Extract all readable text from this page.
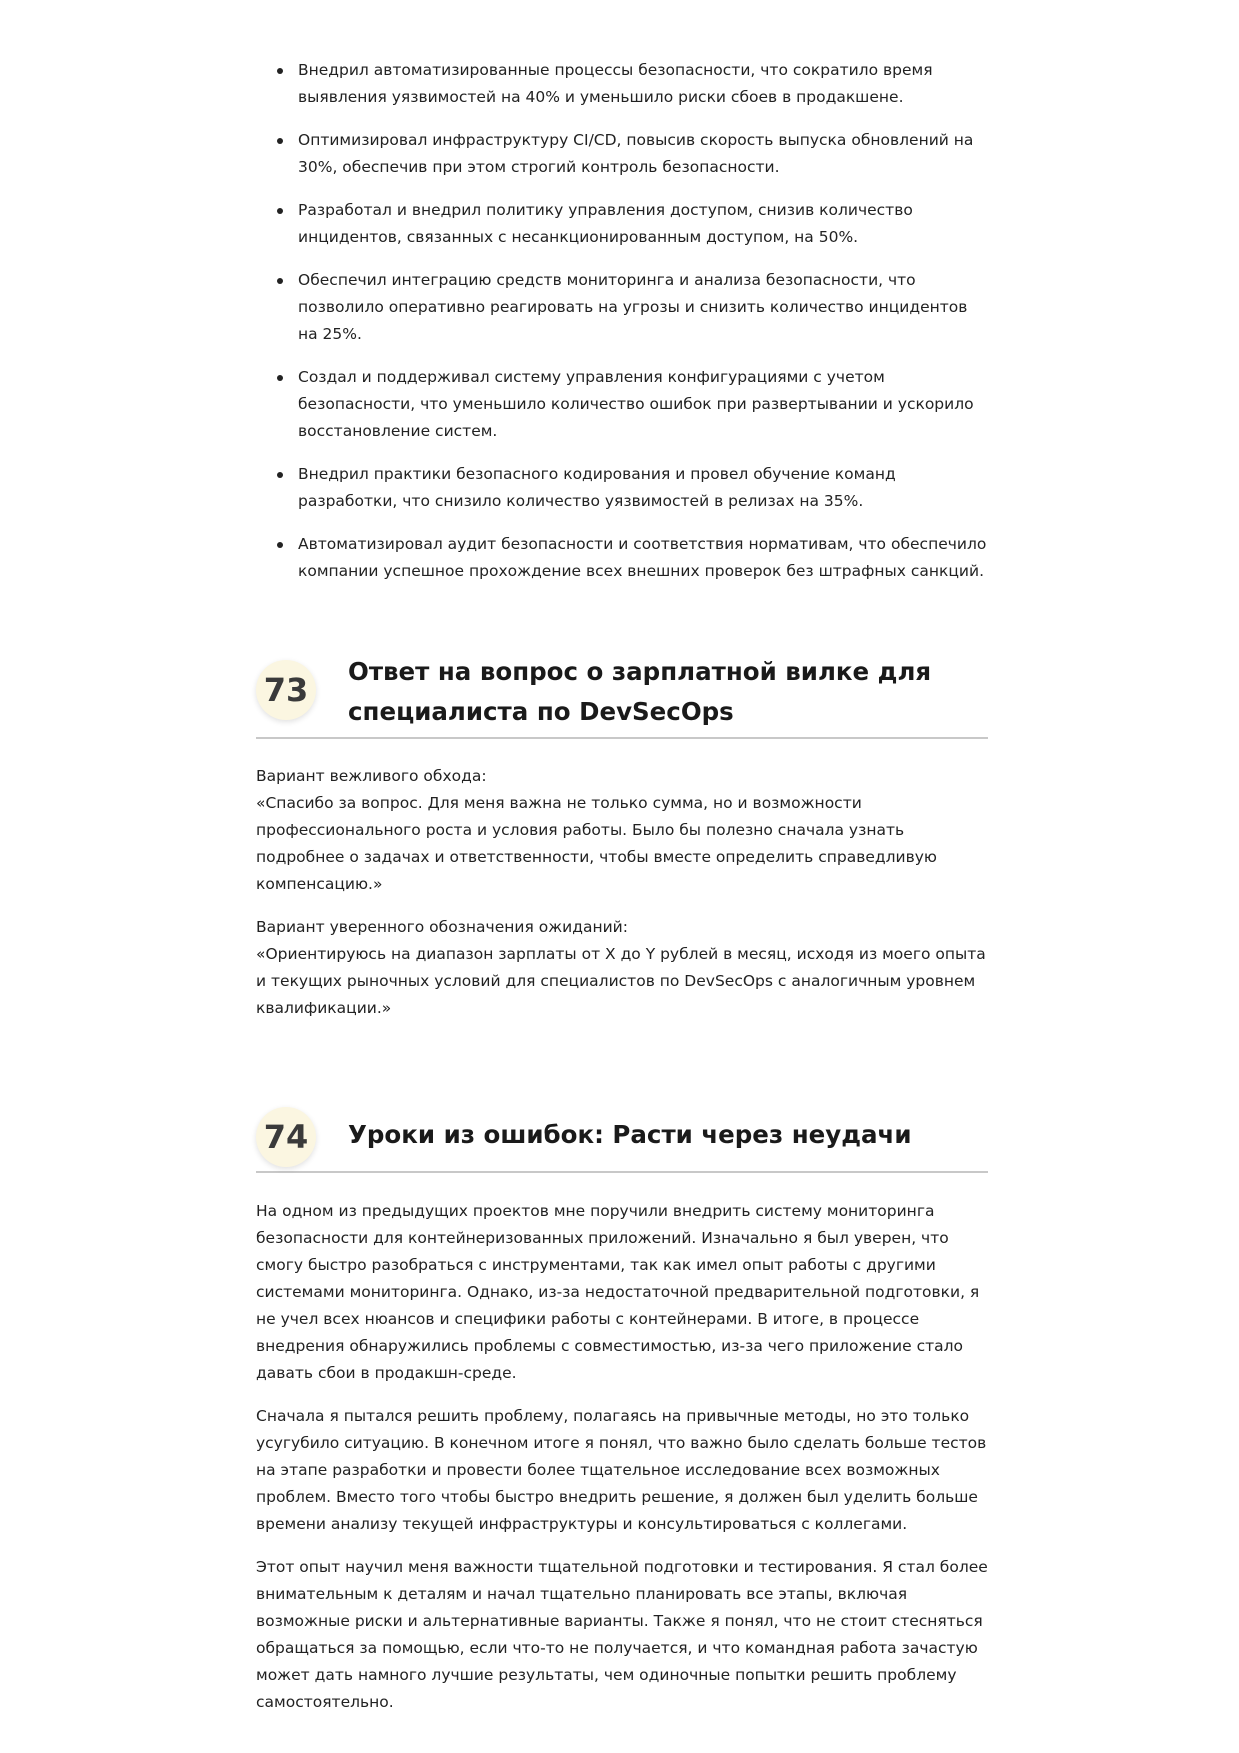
Внедрил автоматизированные процессы безопасности, что сократило время выявления уязвимостей на 40% и уменьшило риски сбоев в продакшене.
Оптимизировал инфраструктуру CI/CD, повысив скорость выпуска обновлений на 30%, обеспечив при этом строгий контроль безопасности.
Разработал и внедрил политику управления доступом, снизив количество инцидентов, связанных с несанкционированным доступом, на 50%.
Обеспечил интеграцию средств мониторинга и анализа безопасности, что позволило оперативно реагировать на угрозы и снизить количество инцидентов на 25%.
Создал и поддерживал систему управления конфигурациями с учетом безопасности, что уменьшило количество ошибок при развертывании и ускорило восстановление систем.
Внедрил практики безопасного кодирования и провел обучение команд разработки, что снизило количество уязвимостей в релизах на 35%.
Автоматизировал аудит безопасности и соответствия нормативам, что обеспечило компании успешное прохождение всех внешних проверок без штрафных санкций.
73	Ответ на вопрос о зарплатной вилке для
специалиста по DevSecOps

Вариант вежливого обхода:
«Спасибо за вопрос. Для меня важна не только сумма, но и возможности профессионального роста и условия работы. Было бы полезно сначала узнать подробнее о задачах и ответственности, чтобы вместе определить справедливую компенсацию.»

Вариант уверенного обозначения ожиданий:
«Ориентируюсь на диапазон зарплаты от X до Y рублей в месяц, исходя из моего опыта и текущих рыночных условий для специалистов по DevSecOps с аналогичным уровнем квалификации.»

74	Уроки из ошибок: Расти через неудачи

На одном из предыдущих проектов мне поручили внедрить систему мониторинга безопасности для контейнеризованных приложений. Изначально я был уверен, что смогу быстро разобраться с инструментами, так как имел опыт работы с другими системами мониторинга. Однако, из-за недостаточной предварительной подготовки, я не учел всех нюансов и специфики работы с контейнерами. В итоге, в процессе внедрения обнаружились проблемы с совместимостью, из-за чего приложение стало давать сбои в продакшн-среде.

Сначала я пытался решить проблему, полагаясь на привычные методы, но это только усугубило ситуацию. В конечном итоге я понял, что важно было сделать больше тестов на этапе разработки и провести более тщательное исследование всех возможных проблем. Вместо того чтобы быстро внедрить решение, я должен был уделить больше времени анализу текущей инфраструктуры и консультироваться с коллегами.

Этот опыт научил меня важности тщательной подготовки и тестирования. Я стал более внимательным к деталям и начал тщательно планировать все этапы, включая возможные риски и альтернативные варианты. Также я понял, что не стоит стесняться обращаться за помощью, если что-то не получается, и что командная работа зачастую может дать намного лучшие результаты, чем одиночные попытки решить проблему самостоятельно.
